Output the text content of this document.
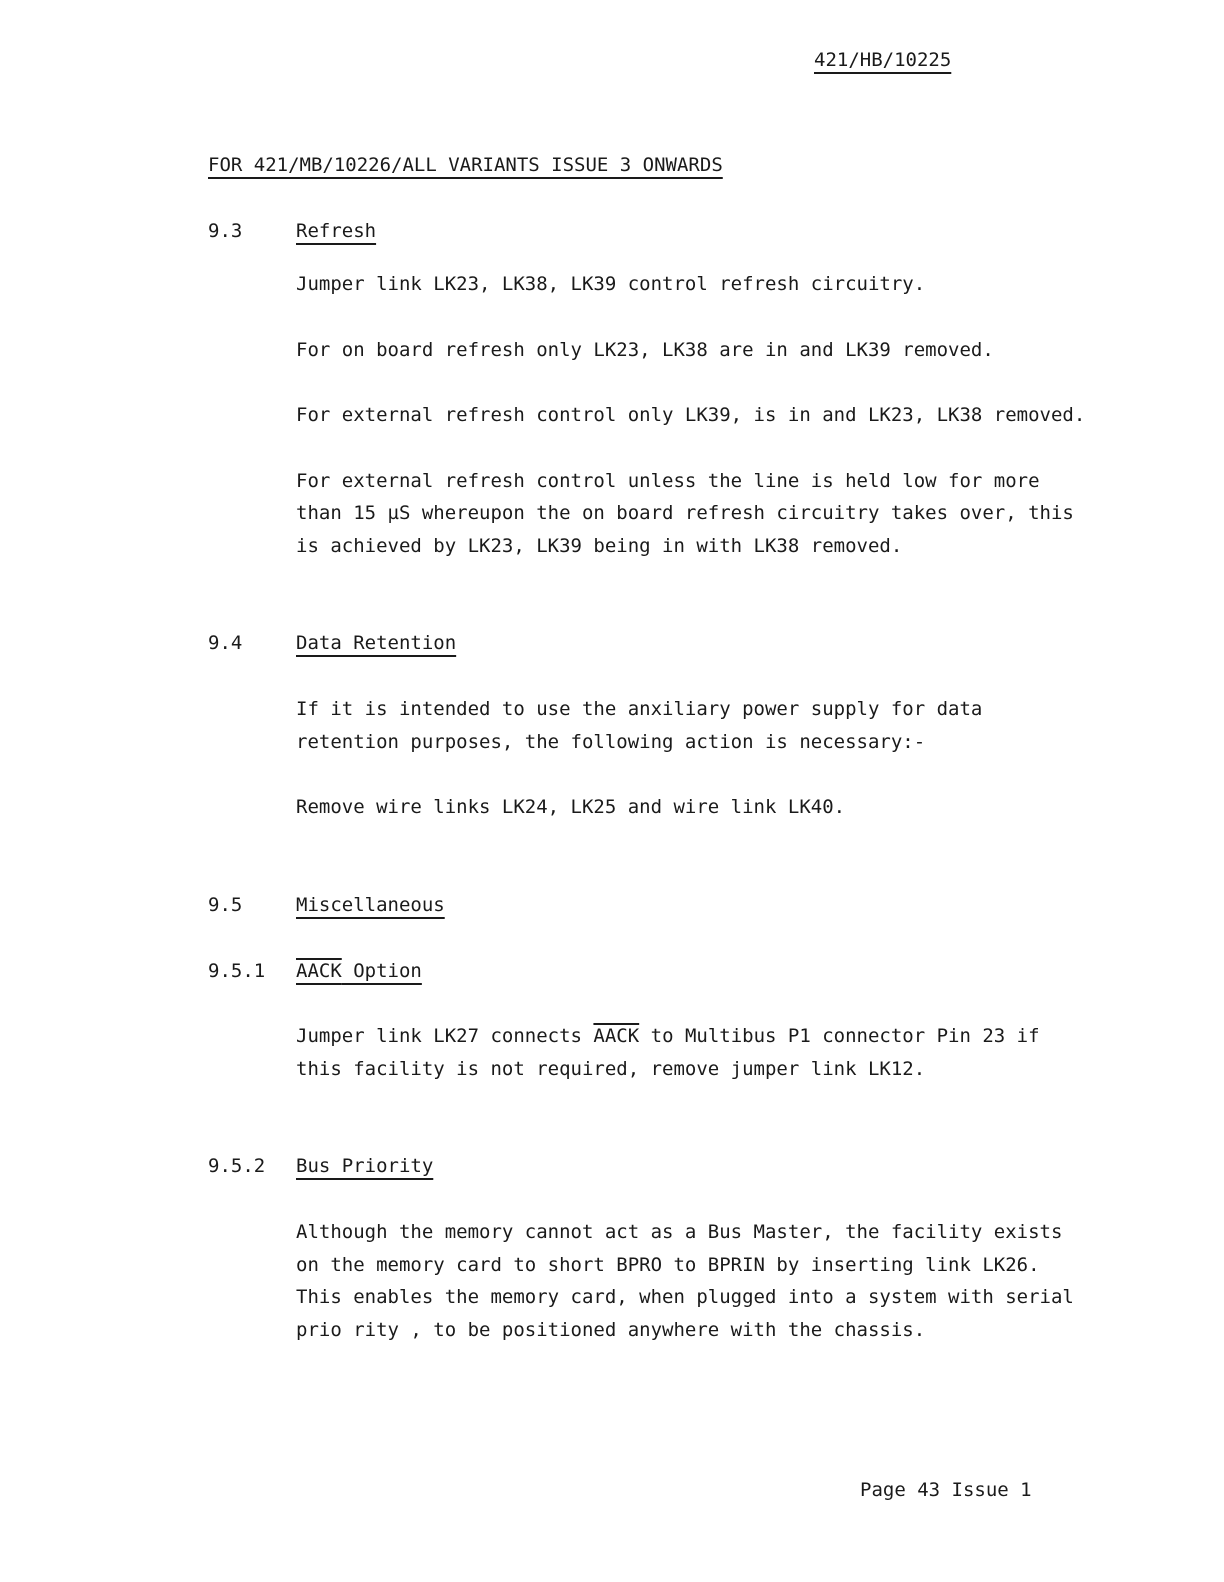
421/HB/10225
FOR 421/MB/10226/ALL VARIANTS ISSUE 3 ONWARDS
9.3	Refresh
Jumper link LK23, LK38, LK39 control refresh circuitry.
For on board refresh only LK23, LK38 are in and LK39 removed.
For external refresh control only LK39, is in and LK23, LK38 removed.
For external refresh control unless the line is held low for more
than 15 µS whereupon the on board refresh circuitry takes over, this
is achieved by LK23, LK39 being in with LK38 removed.
9.4	Data Retention
If it is intended to use the anxiliary power supply for data
retention purposes, the following action is necessary:-
Remove wire links LK24, LK25 and wire link LK40.
9.5	Miscellaneous
9.5.1 AACK Option
Jumper link LK27 connects AACK to Multibus P1 connector Pin 23 if
this facility is not required, remove jumper link LK12.
9.5.2 Bus Priority
Although the memory cannot act as a Bus Master, the facility exists
on the memory card to short BPRO to BPRIN by inserting link LK26.
This enables the memory card, when plugged into a system with serial
prio rity , to be positioned anywhere with the chassis.
Page 43 Issue 1
